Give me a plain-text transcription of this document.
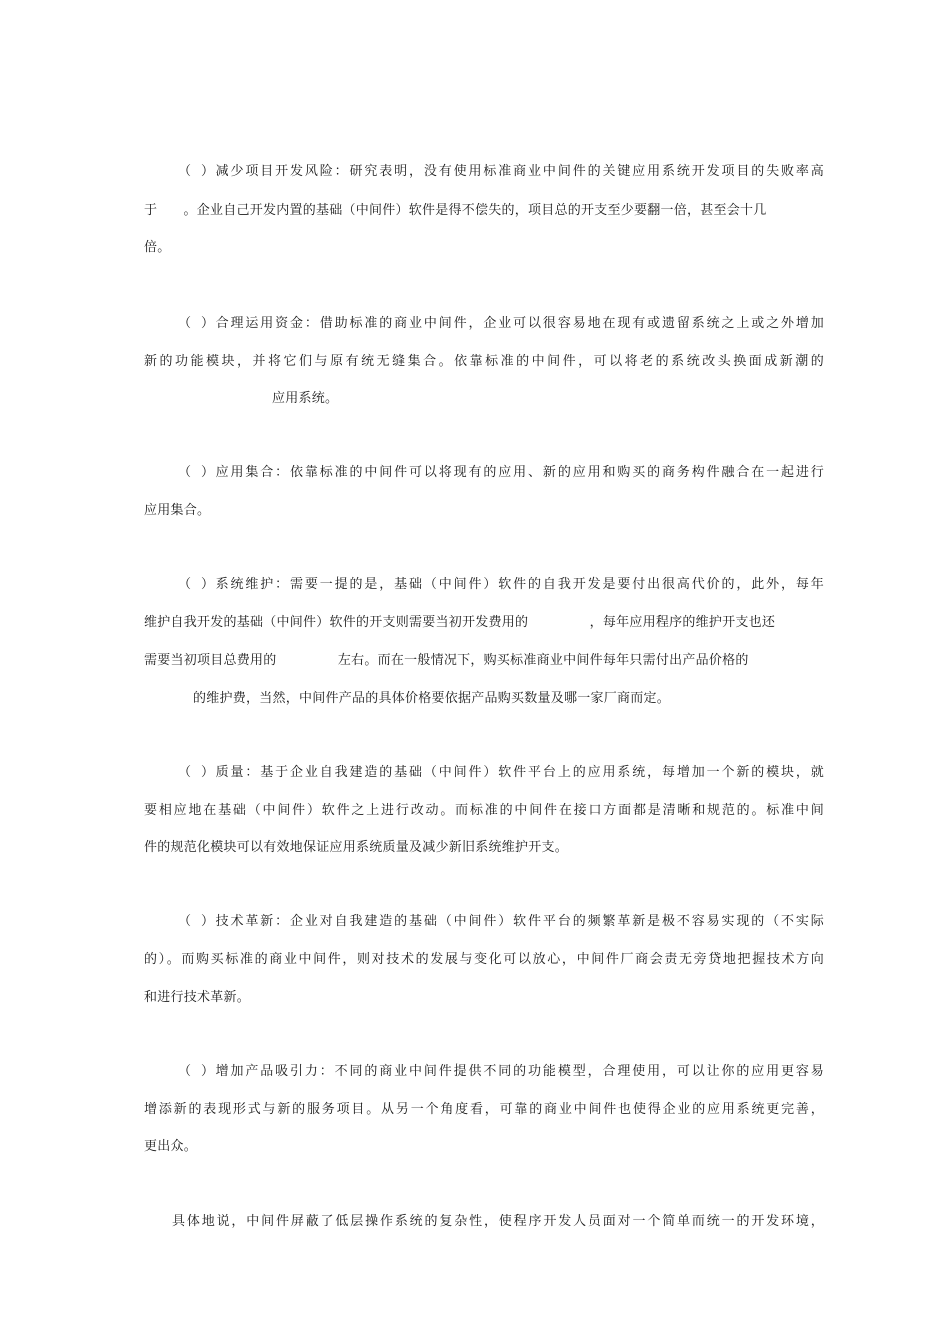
（  ）减少项目开发风险：研究表明，没有使用标准商业中间件的关键应用系统开发项目的失败率高
于      。企业自己开发内置的基础（中间件）软件是得不偿失的，项目总的开支至少要翻一倍，甚至会十几
倍。
（  ）合理运用资金：借助标准的商业中间件，企业可以很容易地在现有或遗留系统之上或之外增加
新的功能模块，并将它们与原有统无缝集合。依靠标准的中间件，可以将老的系统改头换面成新潮的
应用系统。
（  ）应用集合：依靠标准的中间件可以将现有的应用、新的应用和购买的商务构件融合在一起进行
应用集合。
（  ）系统维护：需要一提的是，基础（中间件）软件的自我开发是要付出很高代价的，此外，每年
维护自我开发的基础（中间件）软件的开支则需要当初开发费用的              ，每年应用程序的维护开支也还
需要当初项目总费用的              左右。而在一般情况下，购买标准商业中间件每年只需付出产品价格的
的维护费，当然，中间件产品的具体价格要依据产品购买数量及哪一家厂商而定。
（  ）质量：基于企业自我建造的基础（中间件）软件平台上的应用系统，每增加一个新的模块，就
要相应地在基础（中间件）软件之上进行改动。而标准的中间件在接口方面都是清晰和规范的。标准中间
件的规范化模块可以有效地保证应用系统质量及减少新旧系统维护开支。
（  ）技术革新：企业对自我建造的基础（中间件）软件平台的频繁革新是极不容易实现的（不实际
的）。而购买标准的商业中间件，则对技术的发展与变化可以放心，中间件厂商会责无旁贷地把握技术方向
和进行技术革新。
（  ）增加产品吸引力：不同的商业中间件提供不同的功能模型，合理使用，可以让你的应用更容易
增添新的表现形式与新的服务项目。从另一个角度看，可靠的商业中间件也使得企业的应用系统更完善，
更出众。
具体地说，中间件屏蔽了低层操作系统的复杂性，使程序开发人员面对一个简单而统一的开发环境，
